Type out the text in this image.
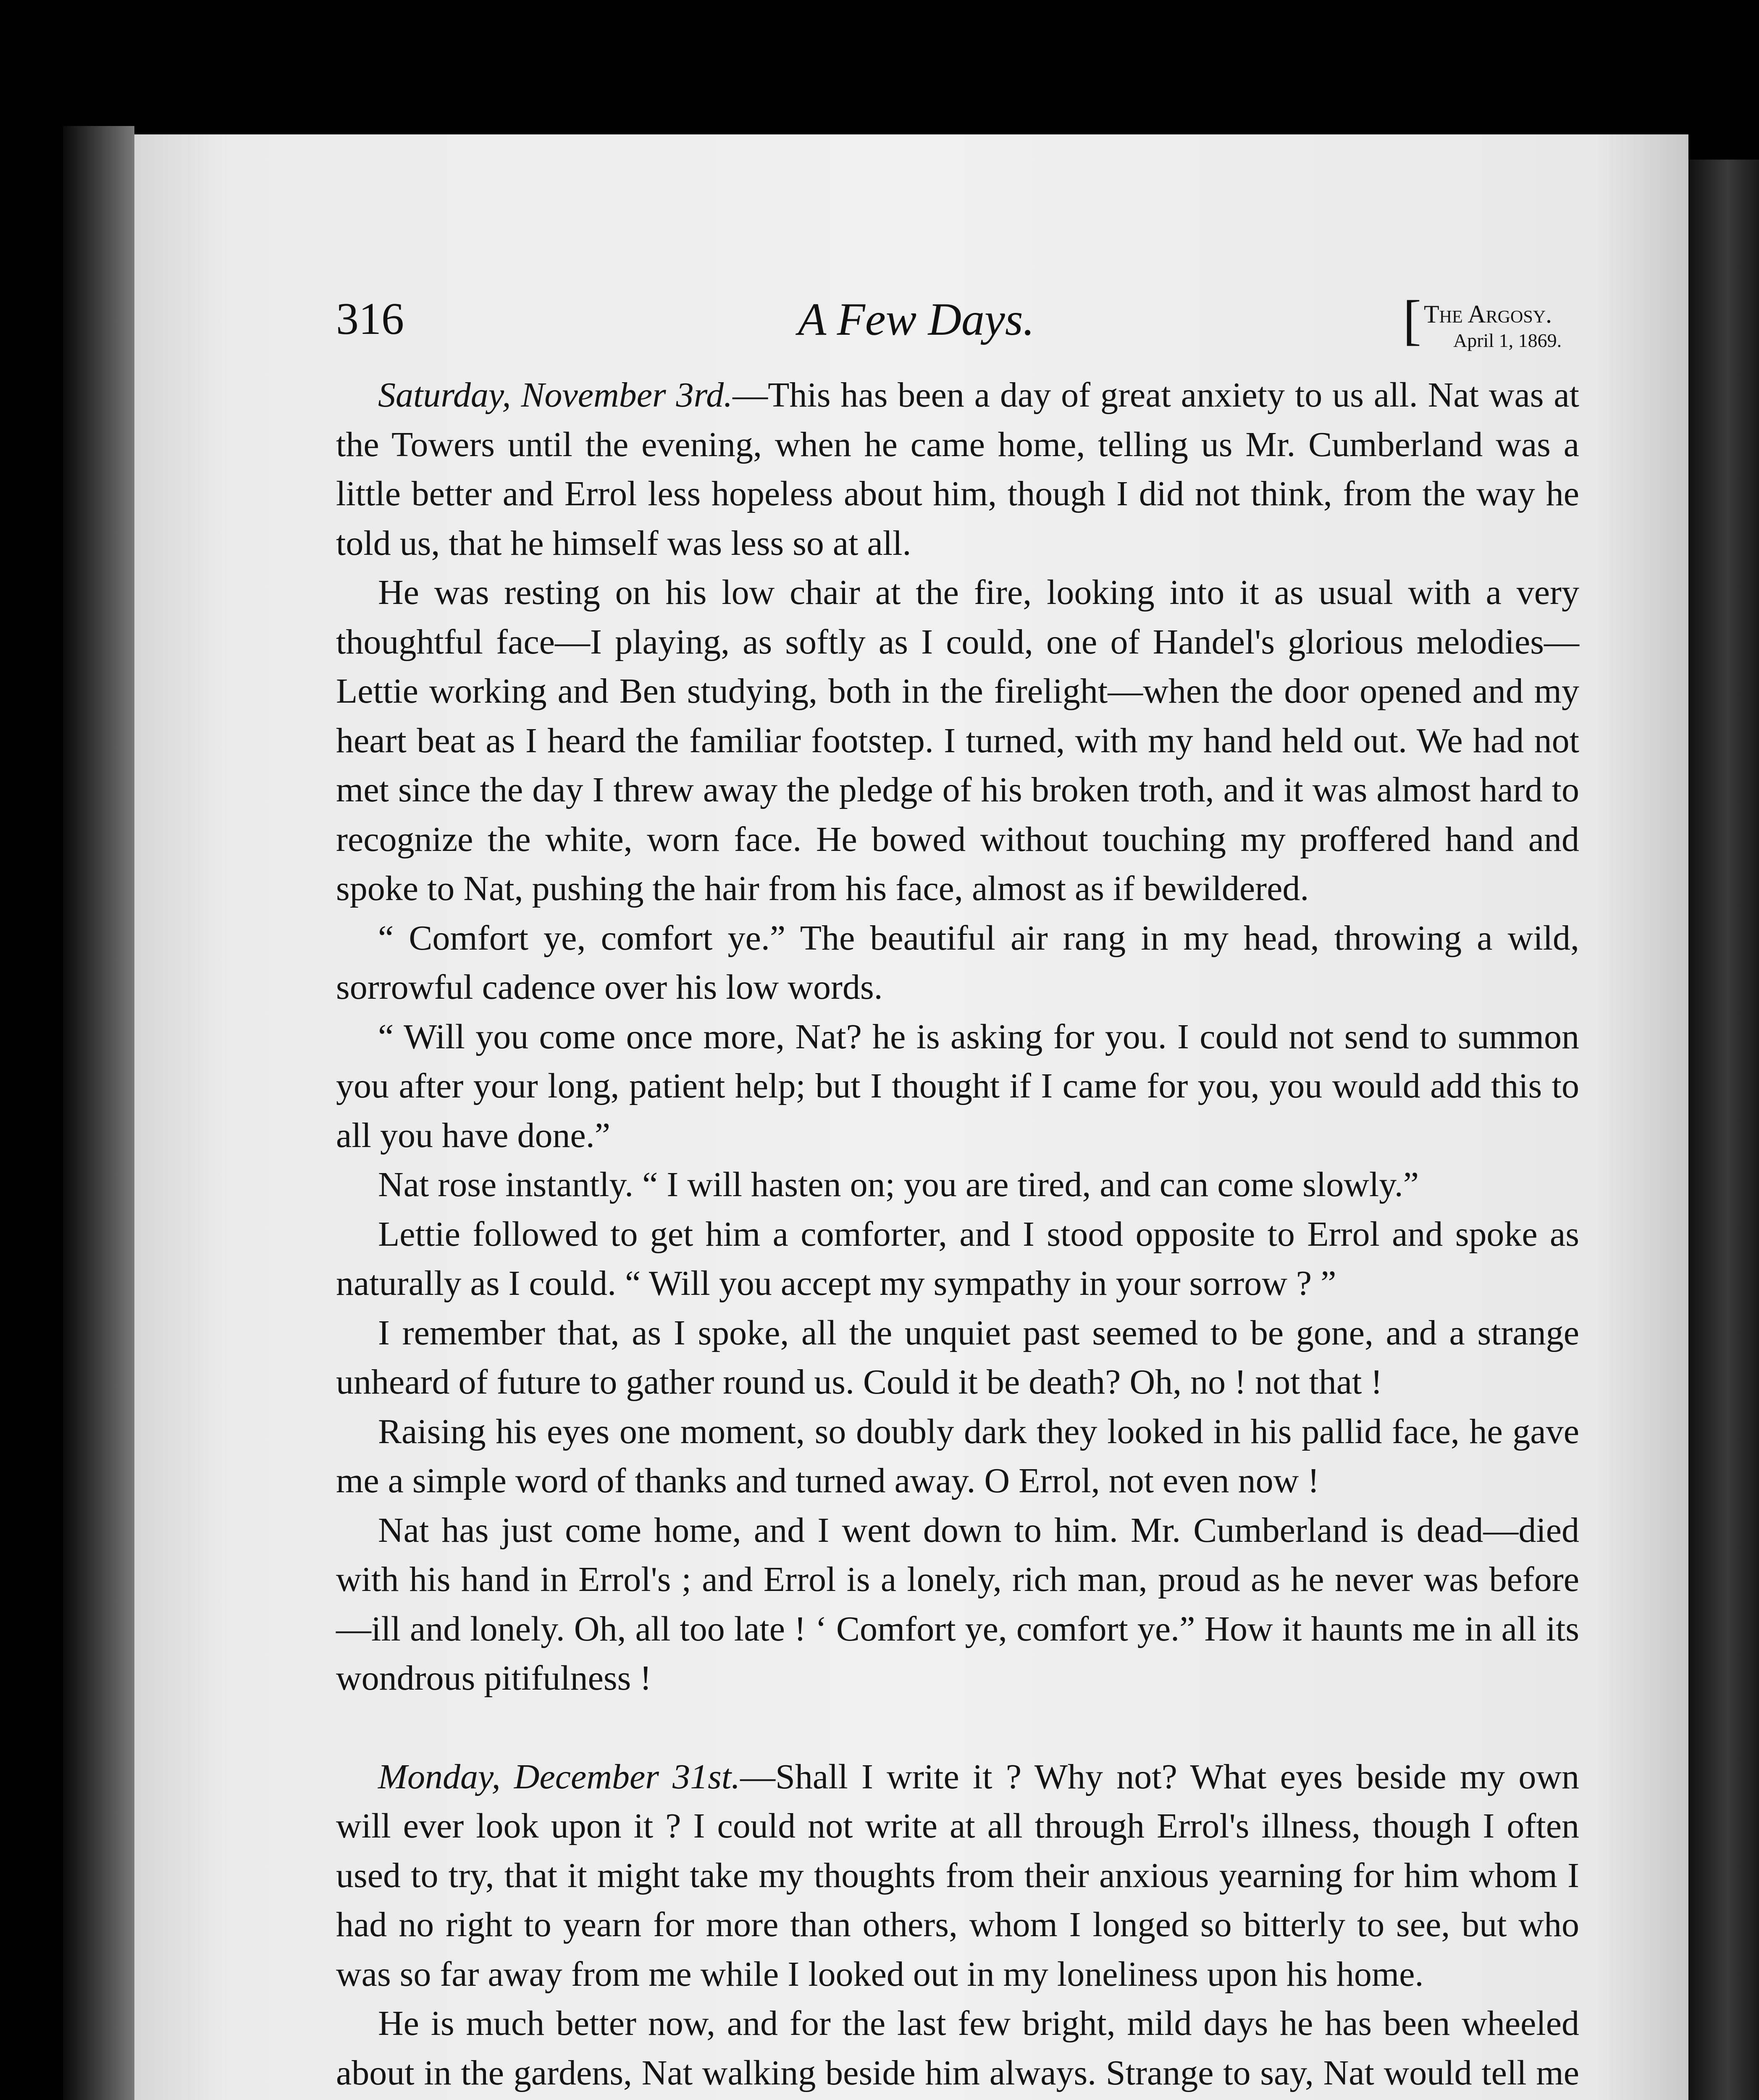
316	A Few Days.	[ The Argosy.
April 1, 1869.

Saturday, November 3rd.—This has been a day of great anxiety to us all. Nat was at the Towers until the evening, when he came home, telling us Mr. Cumberland was a little better and Errol less hopeless about him, though I did not think, from the way he told us, that he himself was less so at all.

He was resting on his low chair at the fire, looking into it as usual with a very thoughtful face—I playing, as softly as I could, one of Handel's glorious melodies—Lettie working and Ben studying, both in the firelight—when the door opened and my heart beat as I heard the familiar footstep. I turned, with my hand held out. We had not met since the day I threw away the pledge of his broken troth, and it was almost hard to recognize the white, worn face. He bowed without touching my proffered hand and spoke to Nat, pushing the hair from his face, almost as if bewildered.

“ Comfort ye, comfort ye.” The beautiful air rang in my head, throwing a wild, sorrowful cadence over his low words.

“ Will you come once more, Nat? he is asking for you. I could not send to summon you after your long, patient help; but I thought if I came for you, you would add this to all you have done.”

Nat rose instantly. “ I will hasten on; you are tired, and can come slowly.”

Lettie followed to get him a comforter, and I stood opposite to Errol and spoke as naturally as I could. “ Will you accept my sympathy in your sorrow ? ”

I remember that, as I spoke, all the unquiet past seemed to be gone, and a strange unheard of future to gather round us. Could it be death? Oh, no ! not that !

Raising his eyes one moment, so doubly dark they looked in his pallid face, he gave me a simple word of thanks and turned away. O Errol, not even now !

Nat has just come home, and I went down to him. Mr. Cumberland is dead—died with his hand in Errol's ; and Errol is a lonely, rich man, proud as he never was before—ill and lonely. Oh, all too late ! ‘ Comfort ye, comfort ye.” How it haunts me in all its wondrous pitifulness !

Monday, December 31st.—Shall I write it ? Why not? What eyes beside my own will ever look upon it ? I could not write at all through Errol's illness, though I often used to try, that it might take my thoughts from their anxious yearning for him whom I had no right to yearn for more than others, whom I longed so bitterly to see, but who was so far away from me while I looked out in my loneliness upon his home.

He is much better now, and for the last few bright, mild days he has been wheeled about in the gardens, Nat walking beside him always. Strange to say, Nat would tell me
